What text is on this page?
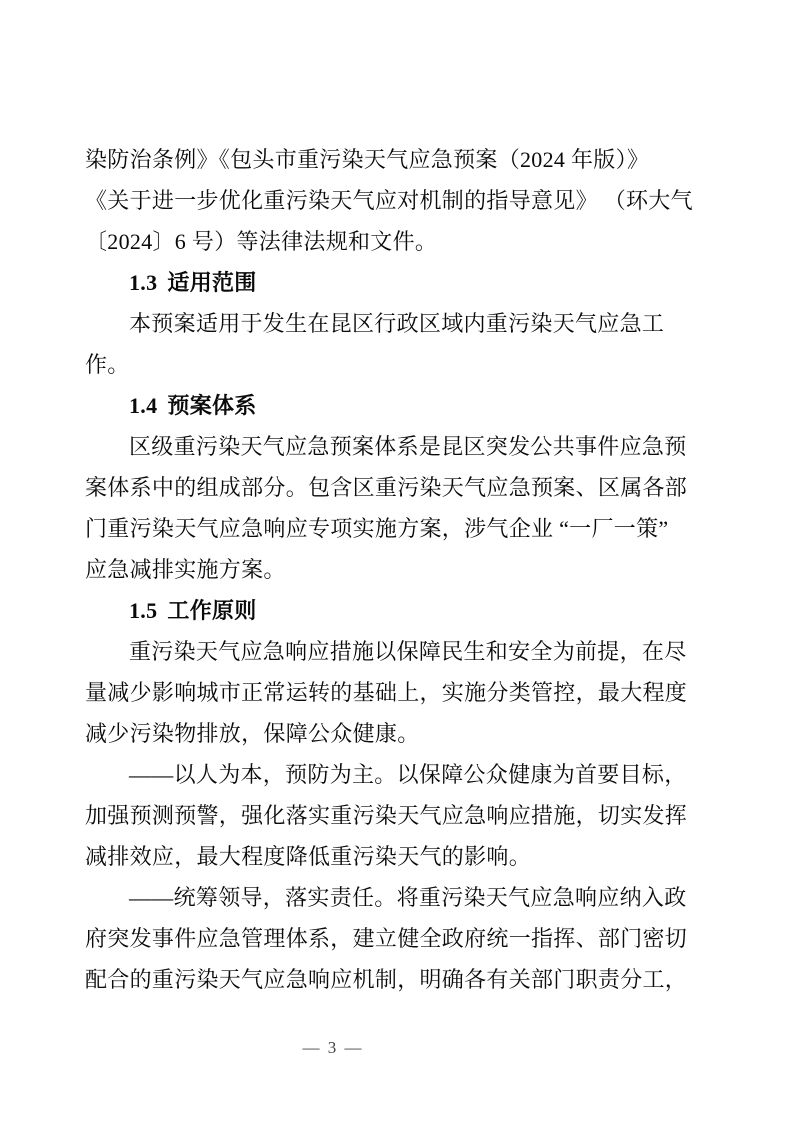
染防治条例》《包头市重污染天气应急预案（2024 年版）》
《关于进一步优化重污染天气应对机制的指导意见》 （环大气
〔2024〕6 号）等法律法规和文件。
1.3 适用范围
本预案适用于发生在昆区行政区域内重污染天气应急工
作。
1.4 预案体系
区级重污染天气应急预案体系是昆区突发公共事件应急预
案体系中的组成部分。包含区重污染天气应急预案、区属各部
门重污染天气应急响应专项实施方案，涉气企业 “一厂一策”
应急减排实施方案。
1.5 工作原则
重污染天气应急响应措施以保障民生和安全为前提，在尽
量减少影响城市正常运转的基础上，实施分类管控，最大程度
减少污染物排放，保障公众健康。
——以人为本，预防为主。以保障公众健康为首要目标，
加强预测预警，强化落实重污染天气应急响应措施，切实发挥
减排效应，最大程度降低重污染天气的影响。
——统筹领导，落实责任。将重污染天气应急响应纳入政
府突发事件应急管理体系，建立健全政府统一指挥、部门密切
配合的重污染天气应急响应机制，明确各有关部门职责分工，
— 3 —
